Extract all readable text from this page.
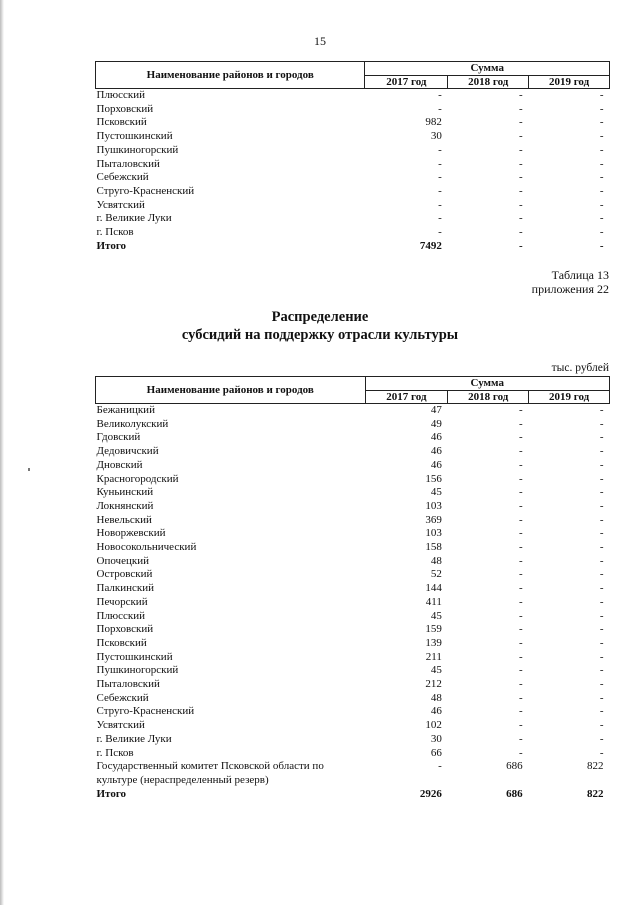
15
Наименование районов и городов	Сумма		
	2017 год	2018 год	2019 год
Плюсский	-	-	-
Порховский	-	-	-
Псковский	982	-	-
Пустошкинский	30	-	-
Пушкиногорский	-	-	-
Пыталовский	-	-	-
Себежский	-	-	-
Струго-Красненский	-	-	-
Усвятский	-	-	-
г. Великие Луки	-	-	-
г. Псков	-	-	-
Итого	7492	-	-
Таблица 13
приложения 22
Распределение
субсидий на поддержку отрасли культуры
тыс. рублей
Наименование районов и городов	Сумма		
	2017 год	2018 год	2019 год
Бежаницкий	47	-	-
Великолукский	49	-	-
Гдовский	46	-	-
Дедовичский	46	-	-
Дновский	46	-	-
Красногородский	156	-	-
Куньинский	45	-	-
Локнянский	103	-	-
Невельский	369	-	-
Новоржевский	103	-	-
Новосокольнический	158	-	-
Опочецкий	48	-	-
Островский	52	-	-
Палкинский	144	-	-
Печорский	411	-	-
Плюсский	45	-	-
Порховский	159	-	-
Псковский	139	-	-
Пустошкинский	211	-	-
Пушкиногорский	45	-	-
Пыталовский	212	-	-
Себежский	48	-	-
Струго-Красненский	46	-	-
Усвятский	102	-	-
г. Великие Луки	30	-	-
г. Псков	66	-	-
Государственный комитет Псковской области по культуре (нераспределенный резерв)	-	686	822
Итого	2926	686	822
